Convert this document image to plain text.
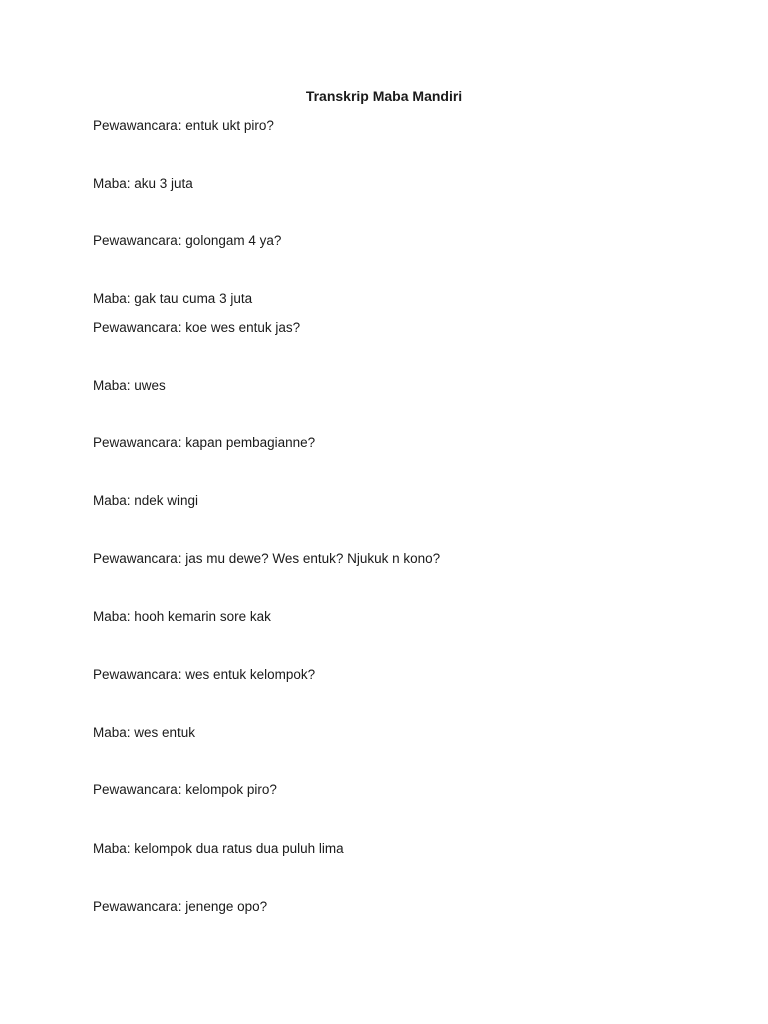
Transkrip Maba Mandiri
Pewawancara: entuk ukt piro?
Maba: aku 3 juta
Pewawancara: golongam 4 ya?
Maba: gak tau cuma 3 juta
Pewawancara: koe wes entuk jas?
Maba: uwes
Pewawancara: kapan pembagianne?
Maba: ndek wingi
Pewawancara: jas mu dewe? Wes entuk? Njukuk n kono?
Maba: hooh kemarin sore kak
Pewawancara: wes entuk kelompok?
Maba: wes entuk
Pewawancara: kelompok piro?
Maba: kelompok dua ratus dua puluh lima
Pewawancara: jenenge opo?
